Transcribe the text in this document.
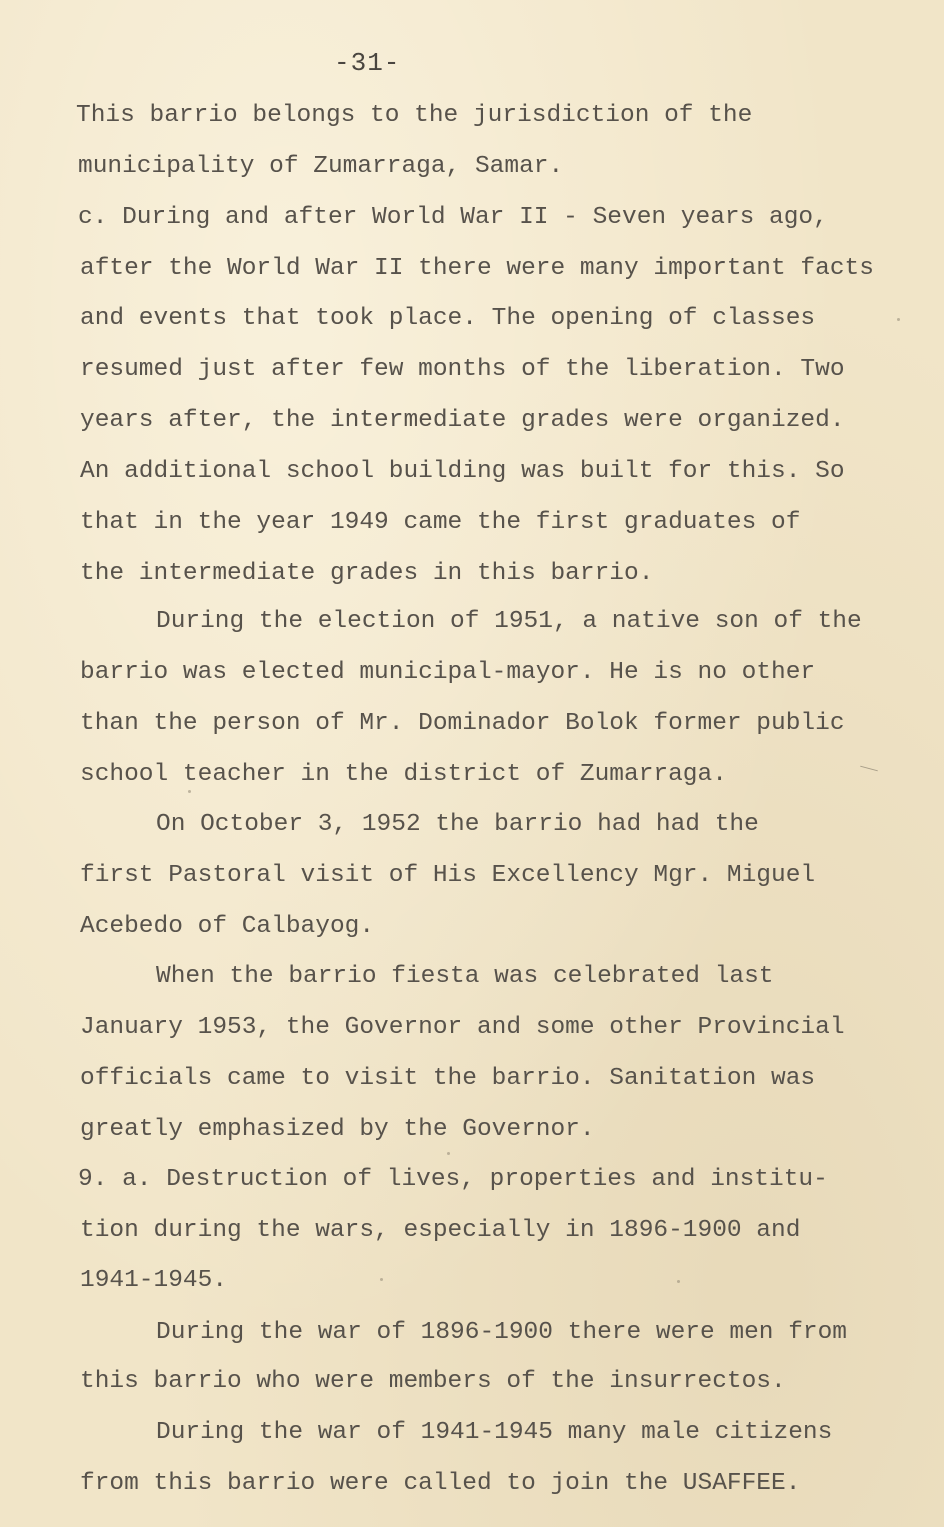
-31-
This barrio belongs to the jurisdiction of the
municipality of Zumarraga, Samar.
c. During and after World War II - Seven years ago,
after the World War II there were many important facts
and events that took place. The opening of classes
resumed just after few months of the liberation. Two
years after, the intermediate grades were organized.
An additional school building was built for this. So
that in the year 1949 came the first graduates of
the intermediate grades in this barrio.
During the election of 1951, a native son of the
barrio was elected municipal-mayor. He is no other
than the person of Mr. Dominador Bolok former public
school teacher in the district of Zumarraga.
On October 3, 1952 the barrio had had the
first Pastoral visit of His Excellency Mgr. Miguel
Acebedo of Calbayog.
When the barrio fiesta was celebrated last
January 1953, the Governor and some other Provincial
officials came to visit the barrio. Sanitation was
greatly emphasized by the Governor.
9. a. Destruction of lives, properties and institu-
tion during the wars, especially in 1896-1900 and
1941-1945.
During the war of 1896-1900 there were men from
this barrio who were members of the insurrectos.
During the war of 1941-1945 many male citizens
from this barrio were called to join the USAFFEE.
